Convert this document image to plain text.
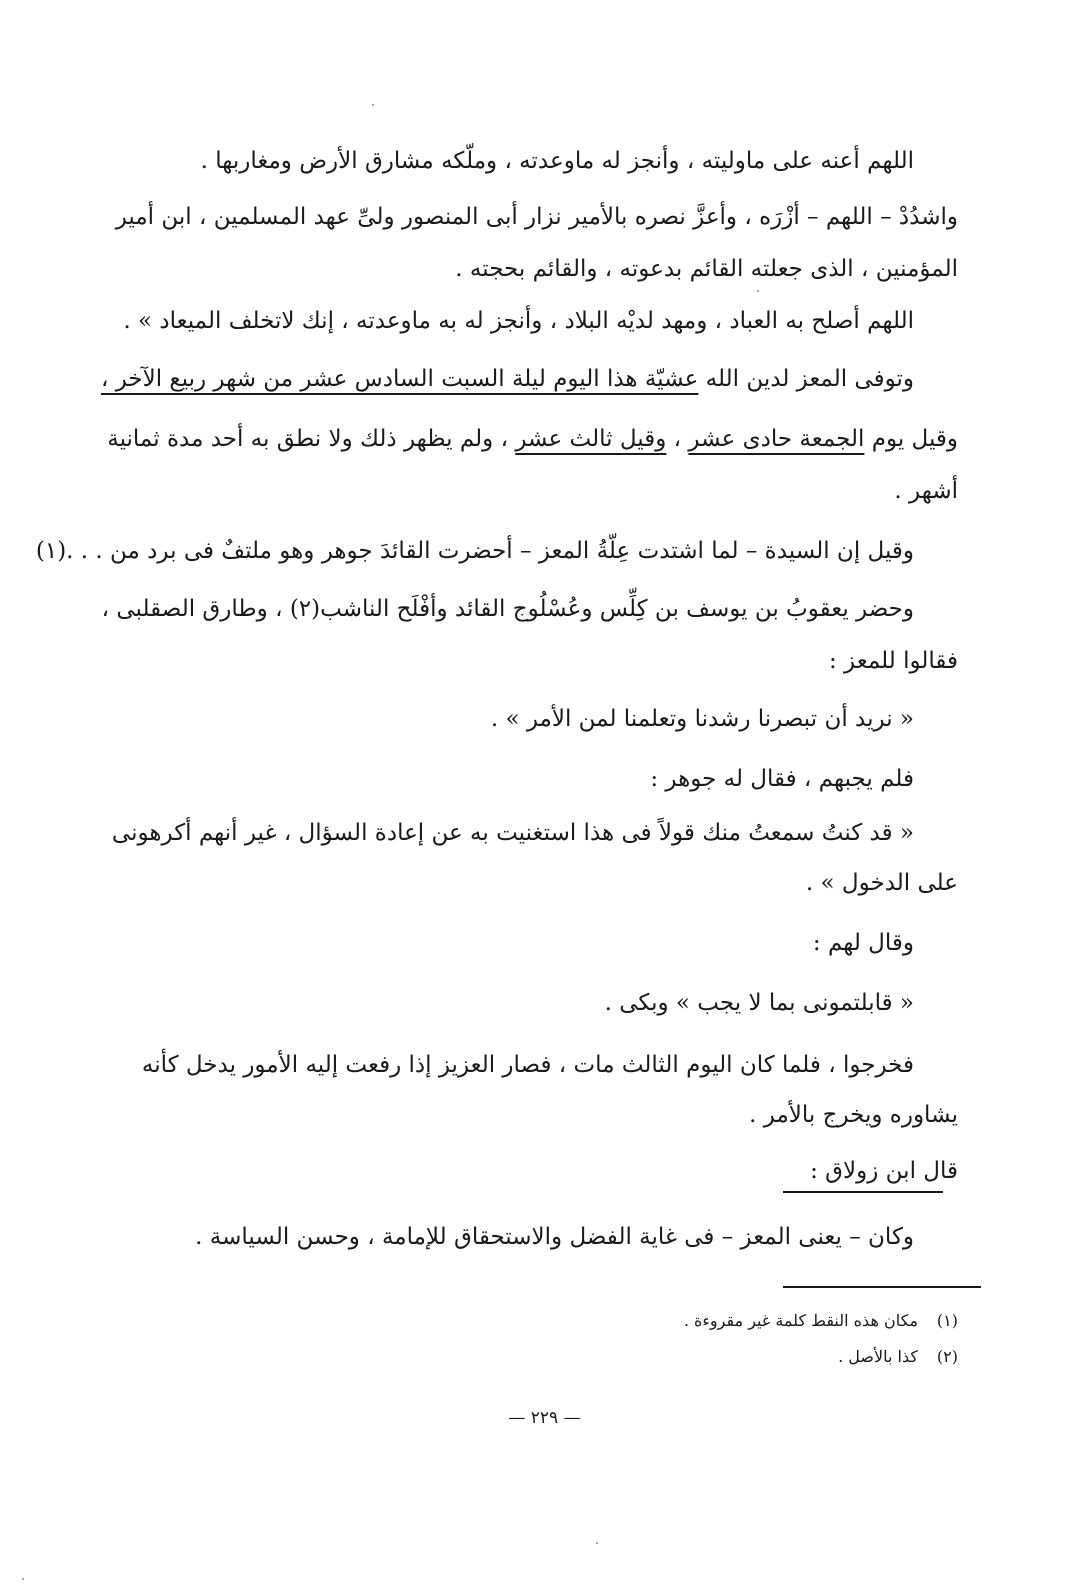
اللهم أعنه على ماوليته ، وأنجز له ماوعدته ، وملّكه مشارق الأرض ومغاربها .
واشدُدْ – اللهم – أزْرَه ، وأعزَّ نصره بالأمير نزار أبى المنصور ولىِّ عهد المسلمين ، ابن أمير
المؤمنين ، الذى جعلته القائم بدعوته ، والقائم بحجته .
اللهم أصلح به العباد ، ومهد لديْه البلاد ، وأنجز له به ماوعدته ، إنك لاتخلف الميعاد » .
وتوفى المعز لدين الله عشيّة هذا اليوم ليلة السبت السادس عشر من شهر ربيع الآخر ،
وقيل يوم الجمعة حادى عشر ، وقيل ثالث عشر ، ولم يظهر ذلك ولا نطق به أحد مدة ثمانية
أشهر .
وقيل إن السيدة – لما اشتدت عِلّةُ المعز – أحضرت القائدَ جوهر وهو ملتفٌ فى برد من . . .(١)
وحضر يعقوبُ بن يوسف بن كِلِّس وعُسْلُوج القائد وأفْلَح الناشب(٢) ، وطارق الصقلبى ،
فقالوا للمعز :
« نريد أن تبصرنا رشدنا وتعلمنا لمن الأمر » .
فلم يجبهم ، فقال له جوهر :
« قد كنتُ سمعتُ منك قولاً فى هذا استغنيت به عن إعادة السؤال ، غير أنهم أكرهونى
على الدخول » .
وقال لهم :
« قابلتمونى بما لا يجب » وبكى .
فخرجوا ، فلما كان اليوم الثالث مات ، فصار العزيز إذا رفعت إليه الأمور يدخل كأنه
يشاوره ويخرج بالأمر .
قال ابن زولاق :
وكان – يعنى المعز – فى غاية الفضل والاستحقاق للإمامة ، وحسن السياسة .
(١)مكان هذه النقط كلمة غير مقروءة .
(٢)كذا بالأصل .
— ٢٢٩ —
